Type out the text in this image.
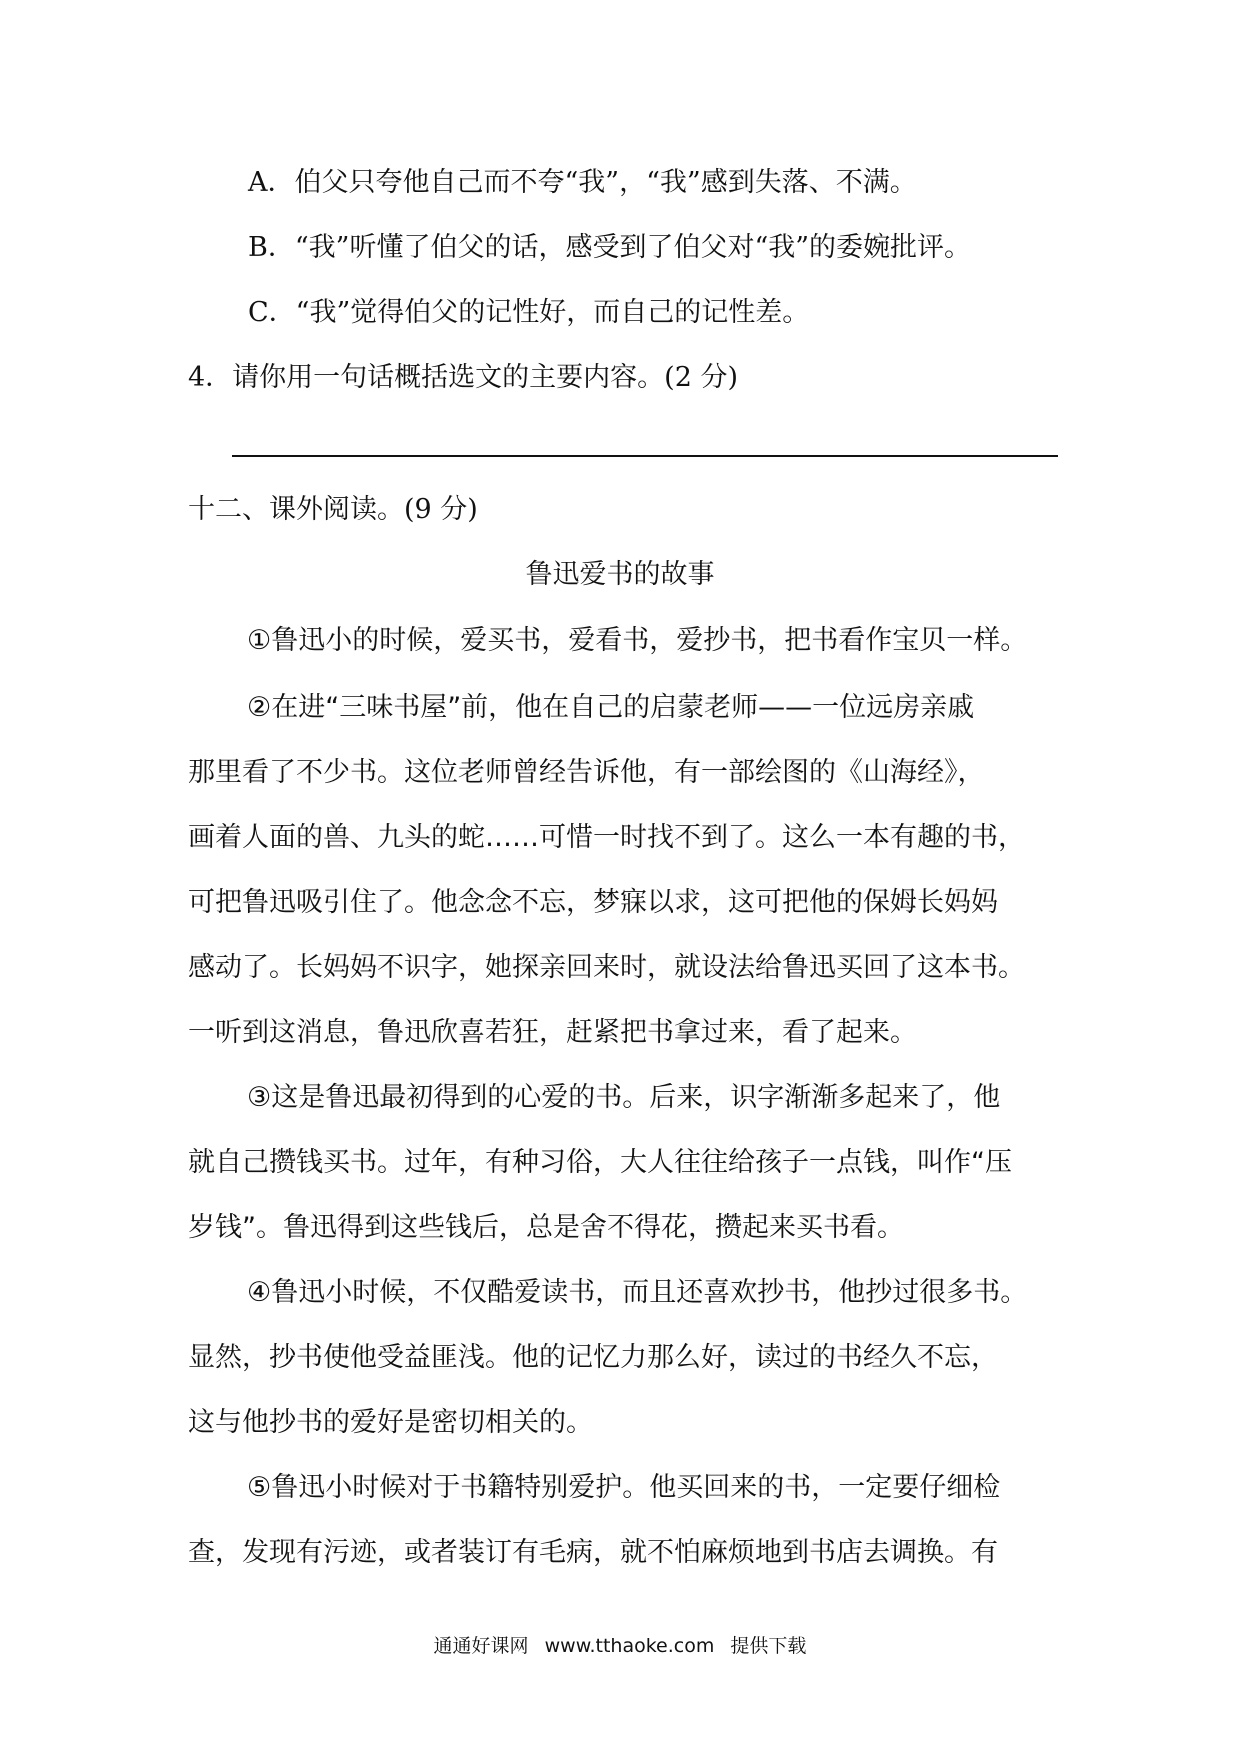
A．伯父只夸他自己而不夸“我”，“我”感到失落、不满。
B．“我”听懂了伯父的话，感受到了伯父对“我”的委婉批评。
C．“我”觉得伯父的记性好，而自己的记性差。
4．请你用一句话概括选文的主要内容。(2 分)
十二、课外阅读。(9 分)
鲁迅爱书的故事
①鲁迅小的时候，爱买书，爱看书，爱抄书，把书看作宝贝一样。
②在进“三味书屋”前，他在自己的启蒙老师——一位远房亲戚
那里看了不少书。这位老师曾经告诉他，有一部绘图的《山海经》，
画着人面的兽、九头的蛇……可惜一时找不到了。这么一本有趣的书，
可把鲁迅吸引住了。他念念不忘，梦寐以求，这可把他的保姆长妈妈
感动了。长妈妈不识字，她探亲回来时，就设法给鲁迅买回了这本书。
一听到这消息，鲁迅欣喜若狂，赶紧把书拿过来，看了起来。
③这是鲁迅最初得到的心爱的书。后来，识字渐渐多起来了，他
就自己攒钱买书。过年，有种习俗，大人往往给孩子一点钱，叫作“压
岁钱”。鲁迅得到这些钱后，总是舍不得花，攒起来买书看。
④鲁迅小时候，不仅酷爱读书，而且还喜欢抄书，他抄过很多书。
显然，抄书使他受益匪浅。他的记忆力那么好，读过的书经久不忘，
这与他抄书的爱好是密切相关的。
⑤鲁迅小时候对于书籍特别爱护。他买回来的书，一定要仔细检
查，发现有污迹，或者装订有毛病，就不怕麻烦地到书店去调换。有
通通好课网 www.tthaoke.com 提供下载
